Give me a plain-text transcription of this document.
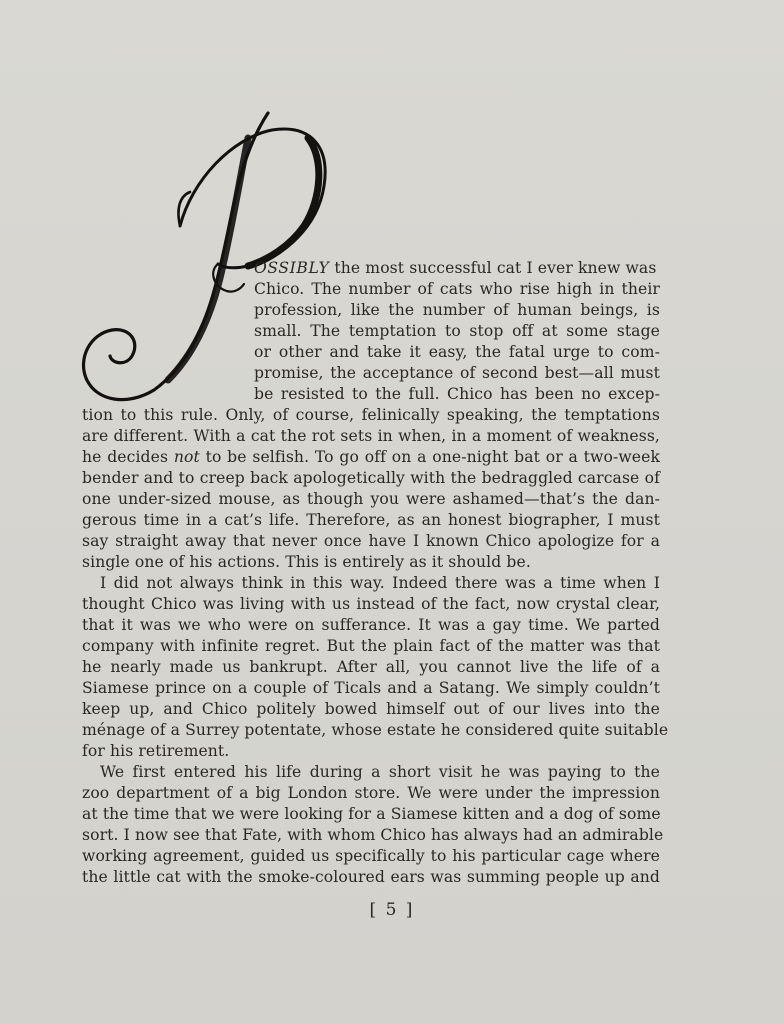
OSSIBLY the most successful cat I ever knew was
Chico. The number of cats who rise high in their
profession, like the number of human beings, is
small. The temptation to stop off at some stage
or other and take it easy, the fatal urge to com-
promise, the acceptance of second best—all must
be resisted to the full. Chico has been no excep-
tion to this rule. Only, of course, felinically speaking, the temptations
are different. With a cat the rot sets in when, in a moment of weakness,
he decides not to be selfish. To go off on a one-night bat or a two-week
bender and to creep back apologetically with the bedraggled carcase of
one under-sized mouse, as though you were ashamed—that’s the dan-
gerous time in a cat’s life. Therefore, as an honest biographer, I must
say straight away that never once have I known Chico apologize for a
single one of his actions. This is entirely as it should be.
I did not always think in this way. Indeed there was a time when I
thought Chico was living with us instead of the fact, now crystal clear,
that it was we who were on sufferance. It was a gay time. We parted
company with infinite regret. But the plain fact of the matter was that
he nearly made us bankrupt. After all, you cannot live the life of a
Siamese prince on a couple of Ticals and a Satang. We simply couldn’t
keep up, and Chico politely bowed himself out of our lives into the
ménage of a Surrey potentate, whose estate he considered quite suitable
for his retirement.
We first entered his life during a short visit he was paying to the
zoo department of a big London store. We were under the impression
at the time that we were looking for a Siamese kitten and a dog of some
sort. I now see that Fate, with whom Chico has always had an admirable
working agreement, guided us specifically to his particular cage where
the little cat with the smoke-coloured ears was summing people up and
[ 5 ]
